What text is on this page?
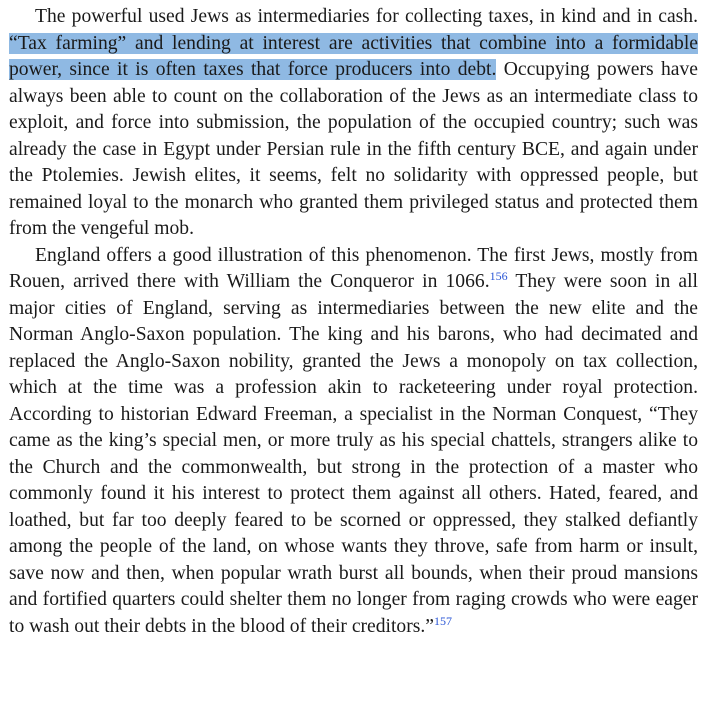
The powerful used Jews as intermediaries for collecting taxes, in kind and in cash. “Tax farming” and lending at interest are activities that combine into a formidable power, since it is often taxes that force producers into debt. Occupying powers have always been able to count on the collaboration of the Jews as an intermediate class to exploit, and force into submission, the population of the occupied country; such was already the case in Egypt under Persian rule in the fifth century BCE, and again under the Ptolemies. Jewish elites, it seems, felt no solidarity with oppressed people, but remained loyal to the monarch who granted them privileged status and protected them from the vengeful mob.

England offers a good illustration of this phenomenon. The first Jews, mostly from Rouen, arrived there with William the Conqueror in 1066.$^{156}$ They were soon in all major cities of England, serving as intermediaries between the new elite and the Norman Anglo-Saxon population. The king and his barons, who had decimated and replaced the Anglo-Saxon nobility, granted the Jews a monopoly on tax collection, which at the time was a profession akin to racketeering under royal protection. According to historian Edward Freeman, a specialist in the Norman Conquest, “They came as the king’s special men, or more truly as his special chattels, strangers alike to the Church and the commonwealth, but strong in the protection of a master who commonly found it his interest to protect them against all others. Hated, feared, and loathed, but far too deeply feared to be scorned or oppressed, they stalked defiantly among the people of the land, on whose wants they throve, safe from harm or insult, save now and then, when popular wrath burst all bounds, when their proud mansions and fortified quarters could shelter them no longer from raging crowds who were eager to wash out their debts in the blood of their creditors.”$^{157}$
